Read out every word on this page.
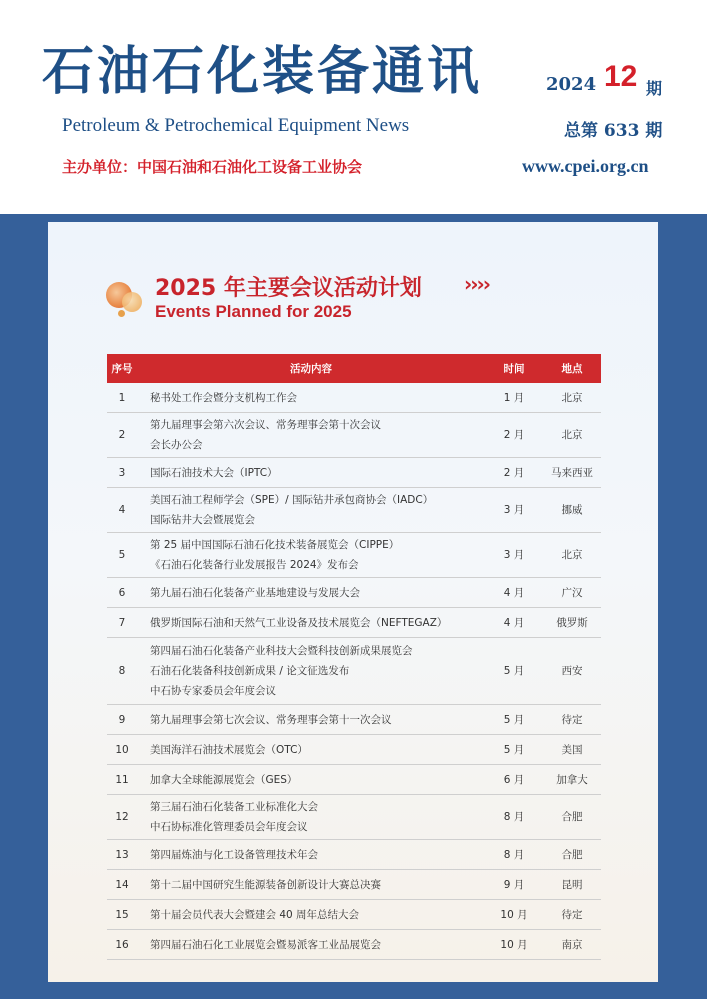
石油石化装备通讯	2024 12 期
Petroleum & Petrochemical Equipment News	总第 633 期
主办单位：中国石油和石油化工设备工业协会	www.cpei.org.cn
2025 年主要会议活动计划 ››››
Events Planned for 2025
序号	活动内容	时间	地点
1	秘书处工作会暨分支机构工作会	1 月	北京
2	第九届理事会第六次会议、常务理事会第十次会议
会长办公会	2 月	北京
3	国际石油技术大会（IPTC）	2 月	马来西亚
4	美国石油工程师学会（SPE）/ 国际钻井承包商协会（IADC）
国际钻井大会暨展览会	3 月	挪威
5	第 25 届中国国际石油石化技术装备展览会（CIPPE）
《石油石化装备行业发展报告 2024》发布会	3 月	北京
6	第九届石油石化装备产业基地建设与发展大会	4 月	广汉
7	俄罗斯国际石油和天然气工业设备及技术展览会（NEFTEGAZ）	4 月	俄罗斯
8	第四届石油石化装备产业科技大会暨科技创新成果展览会
石油石化装备科技创新成果 / 论文征选发布
中石协专家委员会年度会议	5 月	西安
9	第九届理事会第七次会议、常务理事会第十一次会议	5 月	待定
10	美国海洋石油技术展览会（OTC）	5 月	美国
11	加拿大全球能源展览会（GES）	6 月	加拿大
12	第三届石油石化装备工业标准化大会
中石协标准化管理委员会年度会议	8 月	合肥
13	第四届炼油与化工设备管理技术年会	8 月	合肥
14	第十二届中国研究生能源装备创新设计大赛总决赛	9 月	昆明
15	第十届会员代表大会暨建会 40 周年总结大会	10 月	待定
16	第四届石油石化工业展览会暨易派客工业品展览会	10 月	南京
